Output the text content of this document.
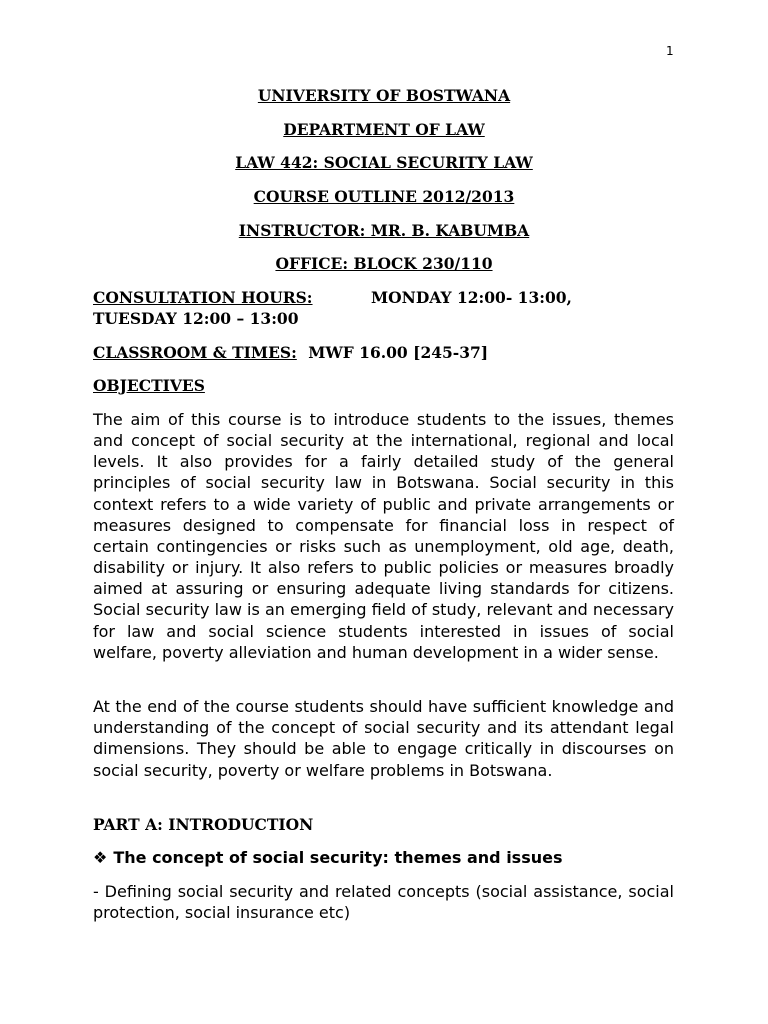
1
UNIVERSITY OF BOSTWANA
DEPARTMENT OF LAW
LAW 442: SOCIAL SECURITY LAW
COURSE OUTLINE 2012/2013
INSTRUCTOR: MR. B. KABUMBA
OFFICE: BLOCK 230/110
CONSULTATION HOURS:	MONDAY 12:00- 13:00,
TUESDAY 12:00 – 13:00
CLASSROOM & TIMES: MWF 16.00 [245-37]
OBJECTIVES

The aim of this course is to introduce students to the issues, themes and concept of social security at the international, regional and local levels. It also provides for a fairly detailed study of the general principles of social security law in Botswana. Social security in this context refers to a wide variety of public and private arrangements or measures designed to compensate for financial loss in respect of certain contingencies or risks such as unemployment, old age, death, disability or injury. It also refers to public policies or measures broadly aimed at assuring or ensuring adequate living standards for citizens. Social security law is an emerging field of study, relevant and necessary for law and social science students interested in issues of social welfare, poverty alleviation and human development in a wider sense.

At the end of the course students should have sufficient knowledge and understanding of the concept of social security and its attendant legal dimensions. They should be able to engage critically in discourses on social security, poverty or welfare problems in Botswana.

PART A: INTRODUCTION
❖ The concept of social security: themes and issues

- Defining social security and related concepts (social assistance, social protection, social insurance etc)
